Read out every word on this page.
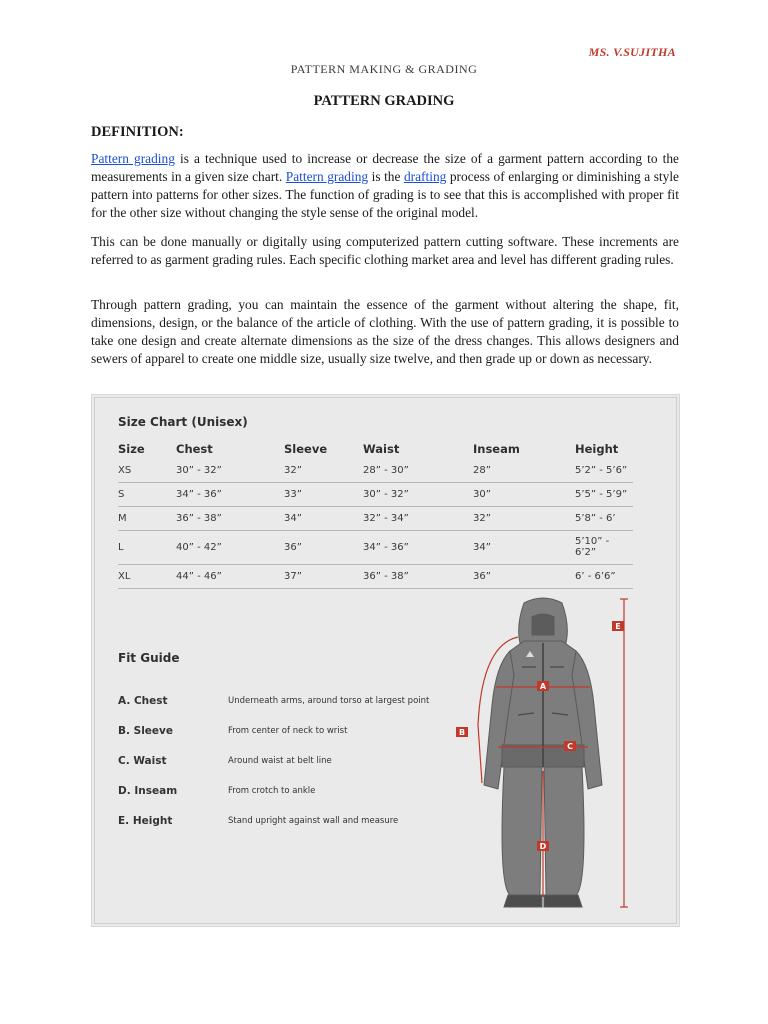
MS. V.SUJITHA
PATTERN MAKING & GRADING
PATTERN GRADING
DEFINITION:

Pattern grading is a technique used to increase or decrease the size of a garment pattern according to the measurements in a given size chart. Pattern grading is the drafting process of enlarging or diminishing a style pattern into patterns for other sizes. The function of grading is to see that this is accomplished with proper fit for the other size without changing the style sense of the original model.

This can be done manually or digitally using computerized pattern cutting software. These increments are referred to as garment grading rules. Each specific clothing market area and level has different grading rules.

Through pattern grading, you can maintain the essence of the garment without altering the shape, fit, dimensions, design, or the balance of the article of clothing. With the use of pattern grading, it is possible to take one design and create alternate dimensions as the size of the dress changes. This allows designers and sewers of apparel to create one middle size, usually size twelve, and then grade up or down as necessary.

Size Chart (Unisex)
Size	Chest	Sleeve	Waist	Inseam	Height
XS	30” - 32”	32”	28” - 30”	28”	5’2” - 5’6”
S	34” - 36”	33”	30” - 32”	30”	5’5” - 5’9”
M	36” - 38”	34”	32” - 34”	32”	5’8” - 6’
L	40” - 42”	36”	34” - 36”	34”	5’10” - 6’2”
XL	44” - 46”	37”	36” - 38”	36”	6’ - 6’6”
Fit Guide
A. Chest	Underneath arms, around torso at largest point
B. Sleeve	From center of neck to wrist
C. Waist	Around waist at belt line
D. Inseam	From crotch to ankle
E. Height	Stand upright against wall and measure
A
B
C
D
E
